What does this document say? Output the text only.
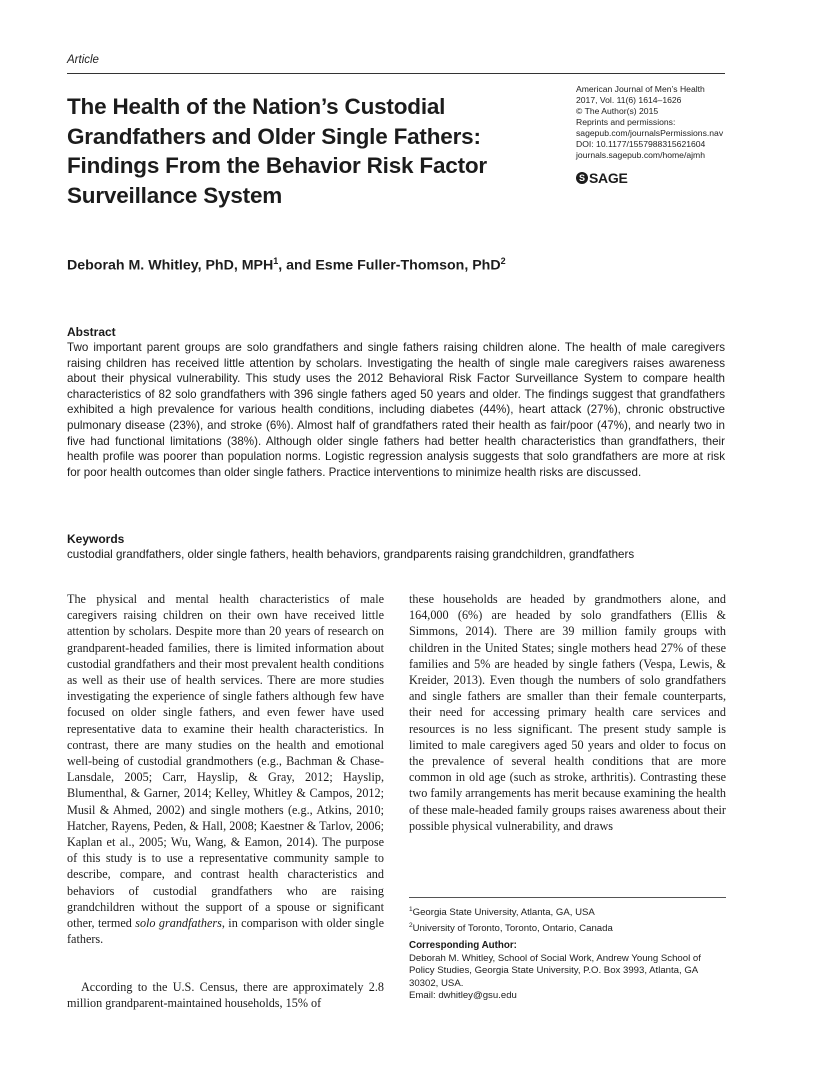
Article
The Health of the Nation’s Custodial Grandfathers and Older Single Fathers: Findings From the Behavior Risk Factor Surveillance System
American Journal of Men’s Health
2017, Vol. 11(6) 1614–1626
© The Author(s) 2015
Reprints and permissions:
sagepub.com/journalsPermissions.nav
DOI: 10.1177/1557988315621604
journals.sagepub.com/home/ajmh
S SAGE
Deborah M. Whitley, PhD, MPH$^1$, and Esme Fuller-Thomson, PhD$^2$
Abstract

Two important parent groups are solo grandfathers and single fathers raising children alone. The health of male caregivers raising children has received little attention by scholars. Investigating the health of single male caregivers raises awareness about their physical vulnerability. This study uses the 2012 Behavioral Risk Factor Surveillance System to compare health characteristics of 82 solo grandfathers with 396 single fathers aged 50 years and older. The findings suggest that grandfathers exhibited a high prevalence for various health conditions, including diabetes (44%), heart attack (27%), chronic obstructive pulmonary disease (23%), and stroke (6%). Almost half of grandfathers rated their health as fair/poor (47%), and nearly two in five had functional limitations (38%). Although older single fathers had better health characteristics than grandfathers, their health profile was poorer than population norms. Logistic regression analysis suggests that solo grandfathers are more at risk for poor health outcomes than older single fathers. Practice interventions to minimize health risks are discussed.

Keywords
custodial grandfathers, older single fathers, health behaviors, grandparents raising grandchildren, grandfathers

The physical and mental health characteristics of male caregivers raising children on their own have received little attention by scholars. Despite more than 20 years of research on grandparent-headed families, there is limited information about custodial grandfathers and their most prevalent health conditions as well as their use of health services. There are more studies investigating the experience of single fathers although few have focused on older single fathers, and even fewer have used representative data to examine their health characteristics. In contrast, there are many studies on the health and emotional well-being of custodial grandmothers (e.g., Bachman & Chase-Lansdale, 2005; Carr, Hayslip, & Gray, 2012; Hayslip, Blumenthal, & Garner, 2014; Kelley, Whitley & Campos, 2012; Musil & Ahmed, 2002) and single mothers (e.g., Atkins, 2010; Hatcher, Rayens, Peden, & Hall, 2008; Kaestner & Tarlov, 2006; Kaplan et al., 2005; Wu, Wang, & Eamon, 2014). The purpose of this study is to use a representative community sample to describe, compare, and contrast health characteristics and behaviors of custodial grandfathers who are raising grandchildren without the support of a spouse or significant other, termed solo grandfathers, in comparison with older single fathers.

According to the U.S. Census, there are approximately 2.8 million grandparent-maintained households, 15% of

these households are headed by grandmothers alone, and 164,000 (6%) are headed by solo grandfathers (Ellis & Simmons, 2014). There are 39 million family groups with children in the United States; single mothers head 27% of these families and 5% are headed by single fathers (Vespa, Lewis, & Kreider, 2013). Even though the numbers of solo grandfathers and single fathers are smaller than their female counterparts, their need for accessing primary health care services and resources is no less significant. The present study sample is limited to male caregivers aged 50 years and older to focus on the prevalence of several health conditions that are more common in old age (such as stroke, arthritis). Contrasting these two family arrangements has merit because examining the health of these male-headed family groups raises awareness about their possible physical vulnerability, and draws

$^1$Georgia State University, Atlanta, GA, USA
$^2$University of Toronto, Toronto, Ontario, Canada
Corresponding Author:
Deborah M. Whitley, School of Social Work, Andrew Young School of Policy Studies, Georgia State University, P.O. Box 3993, Atlanta, GA 30302, USA.
Email: dwhitley@gsu.edu
